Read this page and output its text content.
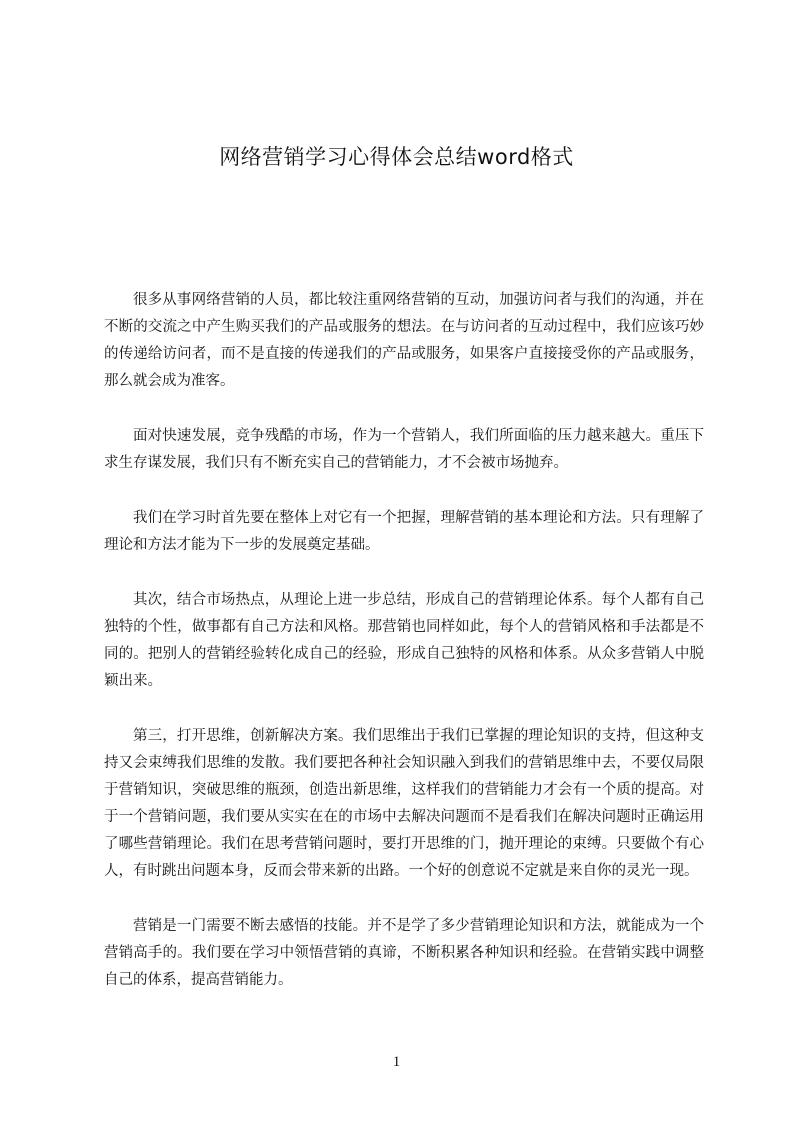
网络营销学习心得体会总结word格式

很多从事网络营销的人员，都比较注重网络营销的互动，加强访问者与我们的沟通，并在不断的交流之中产生购买我们的产品或服务的想法。在与访问者的互动过程中，我们应该巧妙的传递给访问者，而不是直接的传递我们的产品或服务，如果客户直接接受你的产品或服务，那么就会成为准客。

面对快速发展，竞争残酷的市场，作为一个营销人，我们所面临的压力越来越大。重压下求生存谋发展，我们只有不断充实自己的营销能力，才不会被市场抛弃。

我们在学习时首先要在整体上对它有一个把握，理解营销的基本理论和方法。只有理解了理论和方法才能为下一步的发展奠定基础。

其次，结合市场热点，从理论上进一步总结，形成自己的营销理论体系。每个人都有自己独特的个性，做事都有自己方法和风格。那营销也同样如此，每个人的营销风格和手法都是不同的。把别人的营销经验转化成自己的经验，形成自己独特的风格和体系。从众多营销人中脱颖出来。

第三，打开思维，创新解决方案。我们思维出于我们已掌握的理论知识的支持，但这种支持又会束缚我们思维的发散。我们要把各种社会知识融入到我们的营销思维中去，不要仅局限于营销知识，突破思维的瓶颈，创造出新思维，这样我们的营销能力才会有一个质的提高。对于一个营销问题，我们要从实实在在的市场中去解决问题而不是看我们在解决问题时正确运用了哪些营销理论。我们在思考营销问题时，要打开思维的门，抛开理论的束缚。只要做个有心人，有时跳出问题本身，反而会带来新的出路。一个好的创意说不定就是来自你的灵光一现。

营销是一门需要不断去感悟的技能。并不是学了多少营销理论知识和方法，就能成为一个营销高手的。我们要在学习中领悟营销的真谛，不断积累各种知识和经验。在营销实践中调整自己的体系，提高营销能力。

1
